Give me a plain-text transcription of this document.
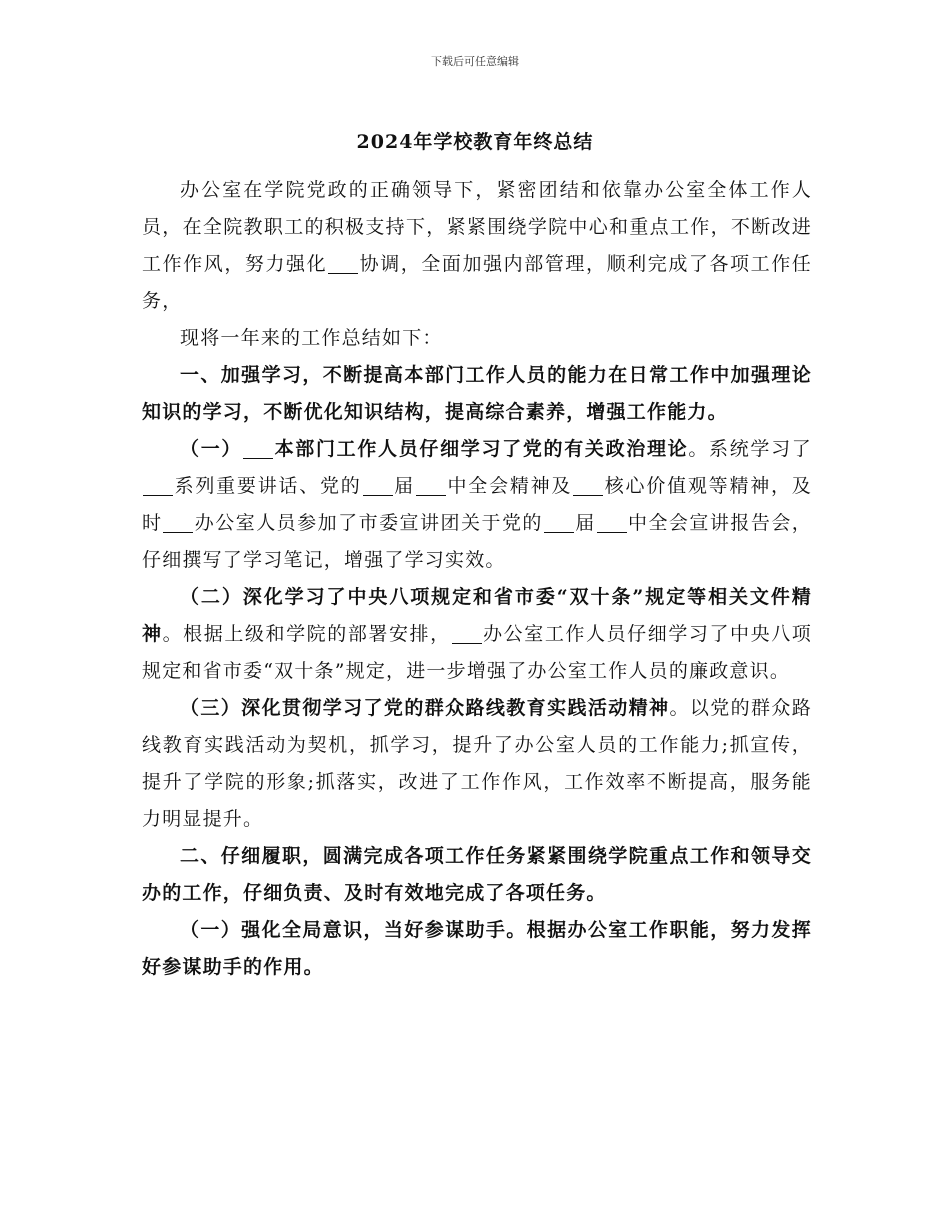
下载后可任意编辑
2024年学校教育年终总结

办公室在学院党政的正确领导下，紧密团结和依靠办公室全体工作人员，在全院教职工的积极支持下，紧紧围绕学院中心和重点工作，不断改进工作作风，努力强化 协调，全面加强内部管理，顺利完成了各项工作任务，

现将一年来的工作总结如下：

一、加强学习，不断提高本部门工作人员的能力在日常工作中加强理论知识的学习，不断优化知识结构，提高综合素养，增强工作能力。

（一） 本部门工作人员仔细学习了党的有关政治理论。系统学习了系列重要讲话、党的 届 中全会精神及 核心价值观等精神，及时 办公室人员参加了市委宣讲团关于党的 届 中全会宣讲报告会，仔细撰写了学习笔记，增强了学习实效。

（二）深化学习了中央八项规定和省市委“双十条”规定等相关文件精神。根据上级和学院的部署安排， 办公室工作人员仔细学习了中央八项规定和省市委“双十条”规定，进一步增强了办公室工作人员的廉政意识。

（三）深化贯彻学习了党的群众路线教育实践活动精神。以党的群众路线教育实践活动为契机，抓学习，提升了办公室人员的工作能力;抓宣传，提升了学院的形象;抓落实，改进了工作作风，工作效率不断提高，服务能力明显提升。

二、仔细履职，圆满完成各项工作任务紧紧围绕学院重点工作和领导交办的工作，仔细负责、及时有效地完成了各项任务。

（一）强化全局意识，当好参谋助手。根据办公室工作职能，努力发挥好参谋助手的作用。
